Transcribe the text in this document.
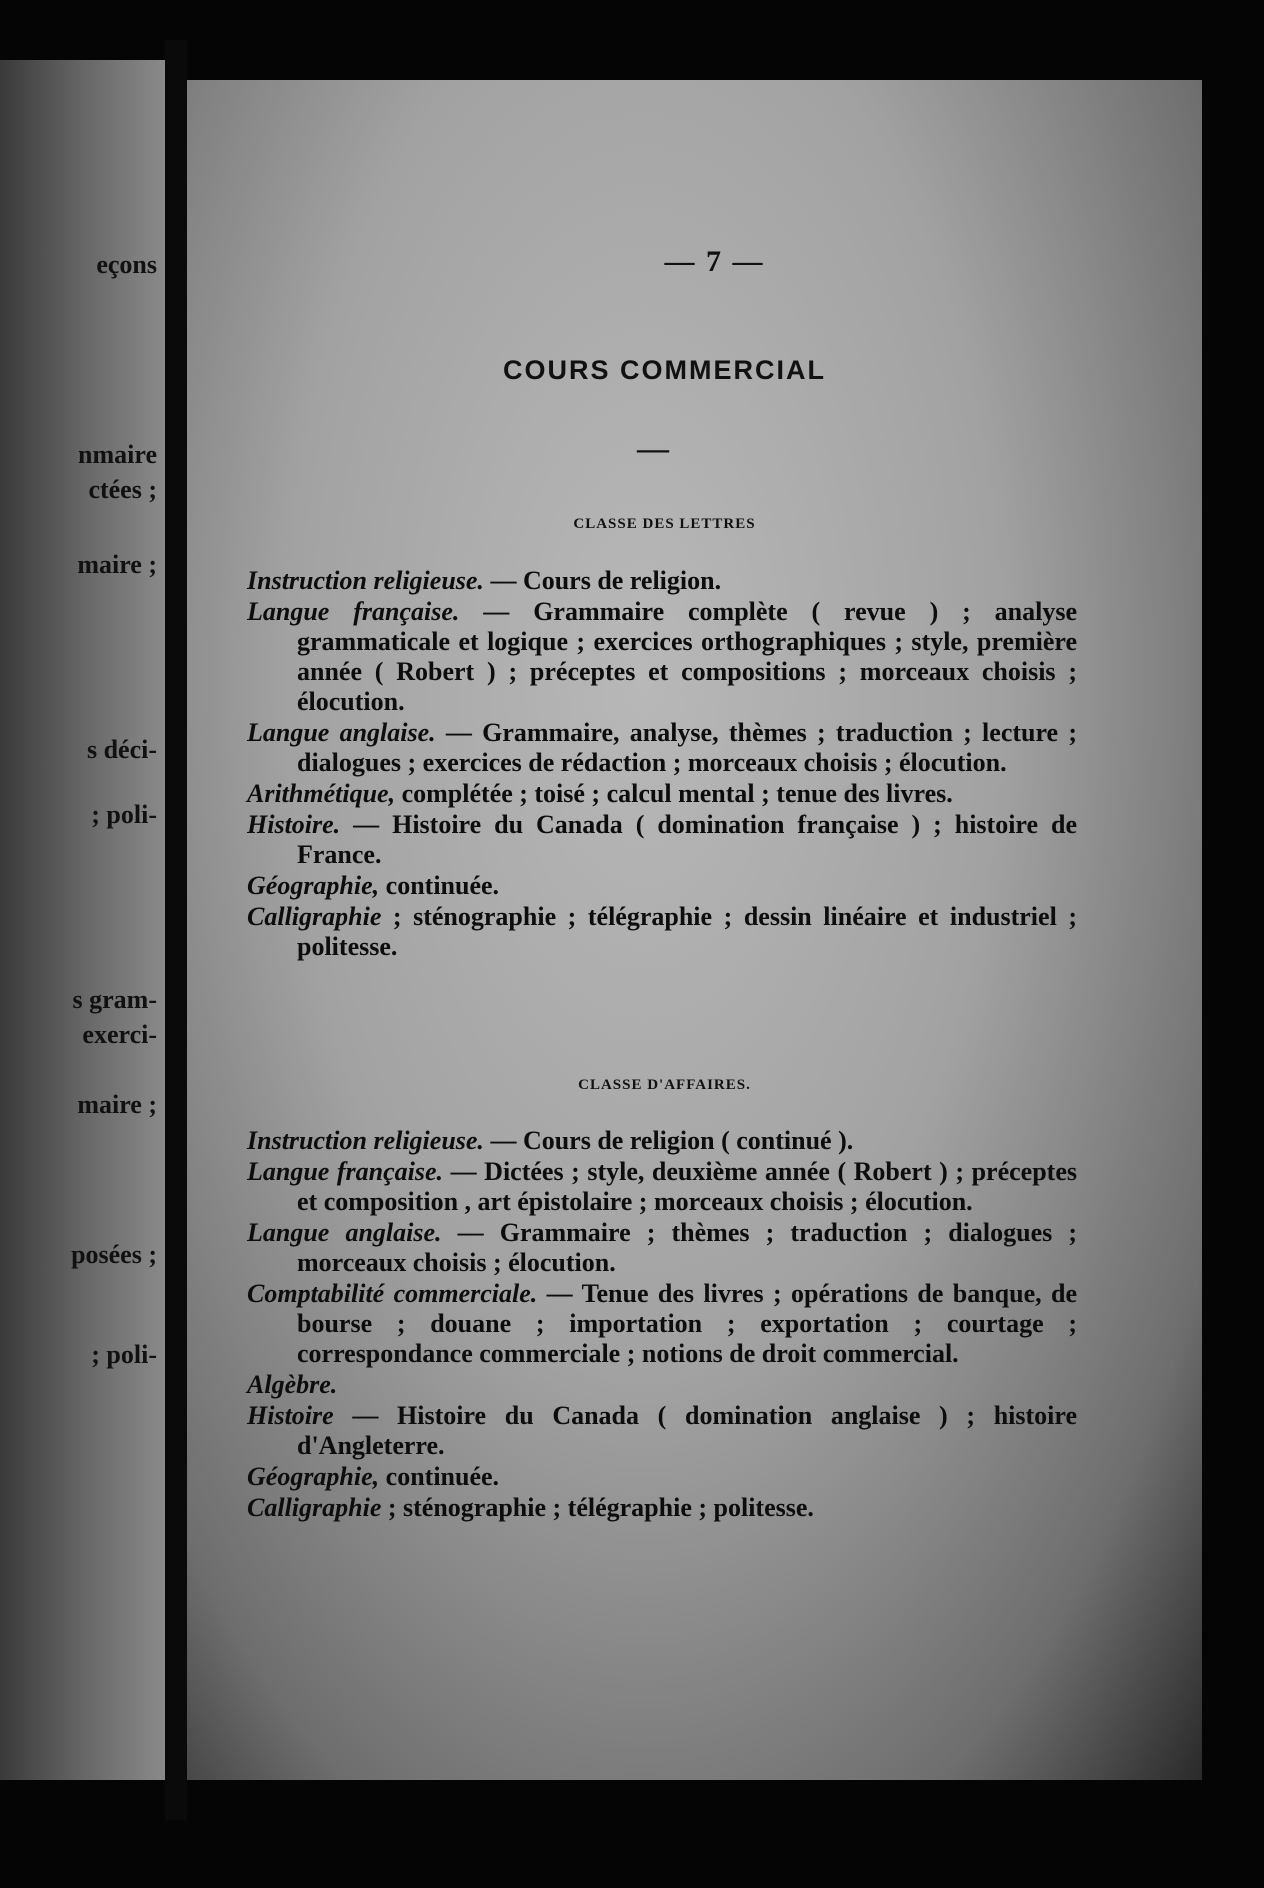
eçons
nmaire
ctées ;
maire ;
s déci-
; poli-
s gram-
exerci-
maire ;
posées ;
; poli-
— 7 —
COURS COMMERCIAL
—
CLASSE DES LETTRES

Instruction religieuse. — Cours de religion.

Langue française. — Grammaire complète ( revue ) ; analyse grammaticale et logique ; exercices orthographiques ; style, première année ( Robert ) ; préceptes et compositions ; morceaux choisis ; élocution.

Langue anglaise. — Grammaire, analyse, thèmes ; traduction ; lecture ; dialogues ; exercices de rédaction ; morceaux choisis ; élocution.

Arithmétique, complétée ; toisé ; calcul mental ; tenue des livres.

Histoire. — Histoire du Canada ( domination française ) ; histoire de France.

Géographie, continuée.

Calligraphie ; sténographie ; télégraphie ; dessin linéaire et industriel ; politesse.

CLASSE D'AFFAIRES.

Instruction religieuse. — Cours de religion ( continué ).

Langue française. — Dictées ; style, deuxième année ( Robert ) ; préceptes et composition , art épistolaire ; morceaux choisis ; élocution.

Langue anglaise. — Grammaire ; thèmes ; traduction ; dialogues ; morceaux choisis ; élocution.

Comptabilité commerciale. — Tenue des livres ; opérations de banque, de bourse ; douane ; importation ; exportation ; courtage ; correspondance commerciale ; notions de droit commercial.

Algèbre.

Histoire — Histoire du Canada ( domination anglaise ) ; histoire d'Angleterre.

Géographie, continuée.

Calligraphie ; sténographie ; télégraphie ; politesse.
